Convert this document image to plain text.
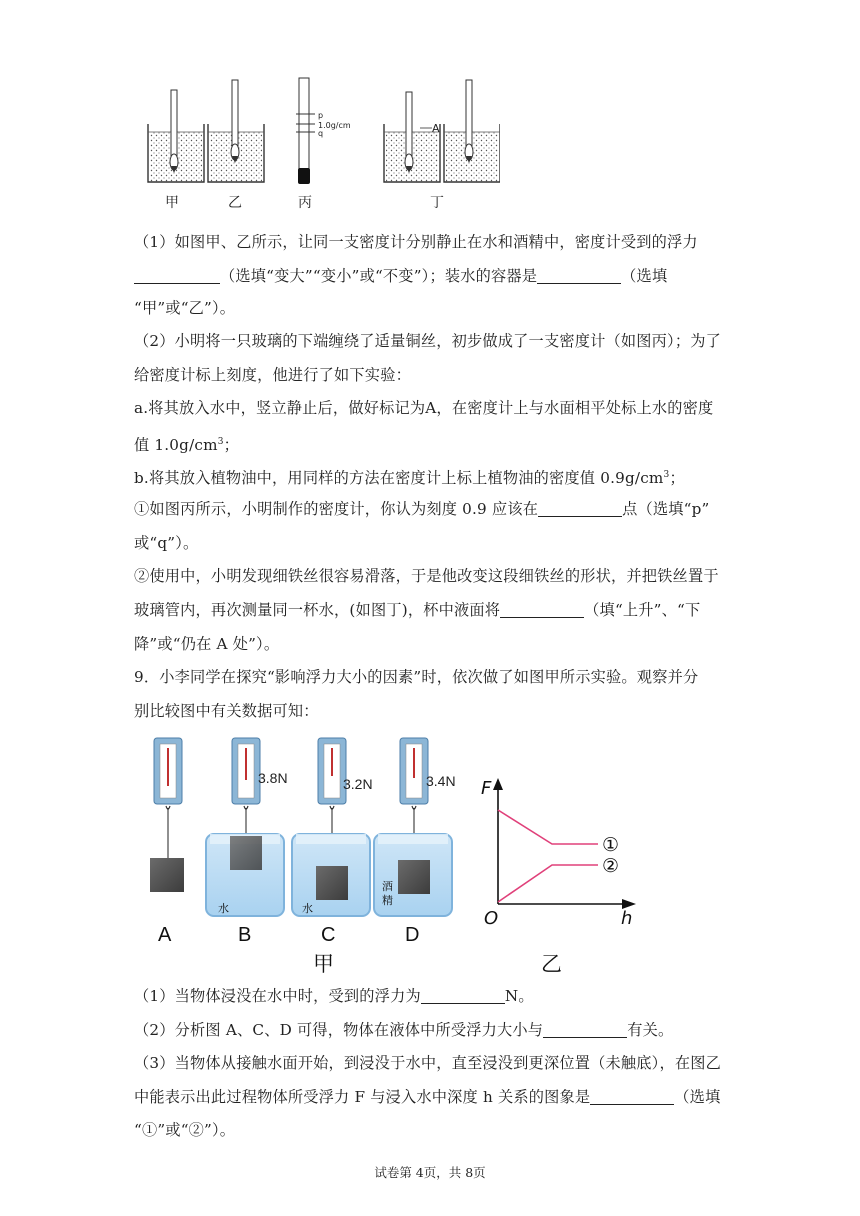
p
1.0g/cm
q	A
甲	乙	丙	丁
（1）如图甲、乙所示，让同一支密度计分别静止在水和酒精中，密度计受到的浮力
（选填“变大”“变小”或“不变”）；装水的容器是	（选填
“甲”或“乙”）。
（2）小明将一只玻璃的下端缠绕了适量铜丝，初步做成了一支密度计（如图丙）；为了
给密度计标上刻度，他进行了如下实验：
a.将其放入水中，竖立静止后，做好标记为A，在密度计上与水面相平处标上水的密度
值 $1.0g/cm^3$；
b.将其放入植物油中，用同样的方法在密度计上标上植物油的密度值 $0.9g/cm^3$；
①如图丙所示，小明制作的密度计，你认为刻度 0.9 应该在	点（选填“p”
或“q”）。
②使用中，小明发现细铁丝很容易滑落，于是他改变这段细铁丝的形状，并把铁丝置于
玻璃管内，再次测量同一杯水，(如图丁)，杯中液面将	（填“上升”、“下
降”或“仍在 A 处”）。
9．小李同学在探究“影响浮力大小的因素”时，依次做了如图甲所示实验。观察并分
别比较图中有关数据可知：
水	水
酒精
3.8N	3.2N	3.4N
A	B	C	D
甲
F
h
O
①
②
乙
（1）当物体浸没在水中时，受到的浮力为	N。
（2）分析图 A、C、D 可得，物体在液体中所受浮力大小与	有关。
（3）当物体从接触水面开始，到浸没于水中，直至浸没到更深位置（未触底），在图乙
中能表示出此过程物体所受浮力 F 与浸入水中深度 h 关系的图象是	（选填
“①”或“②”）。
试卷第 4页，共 8页
